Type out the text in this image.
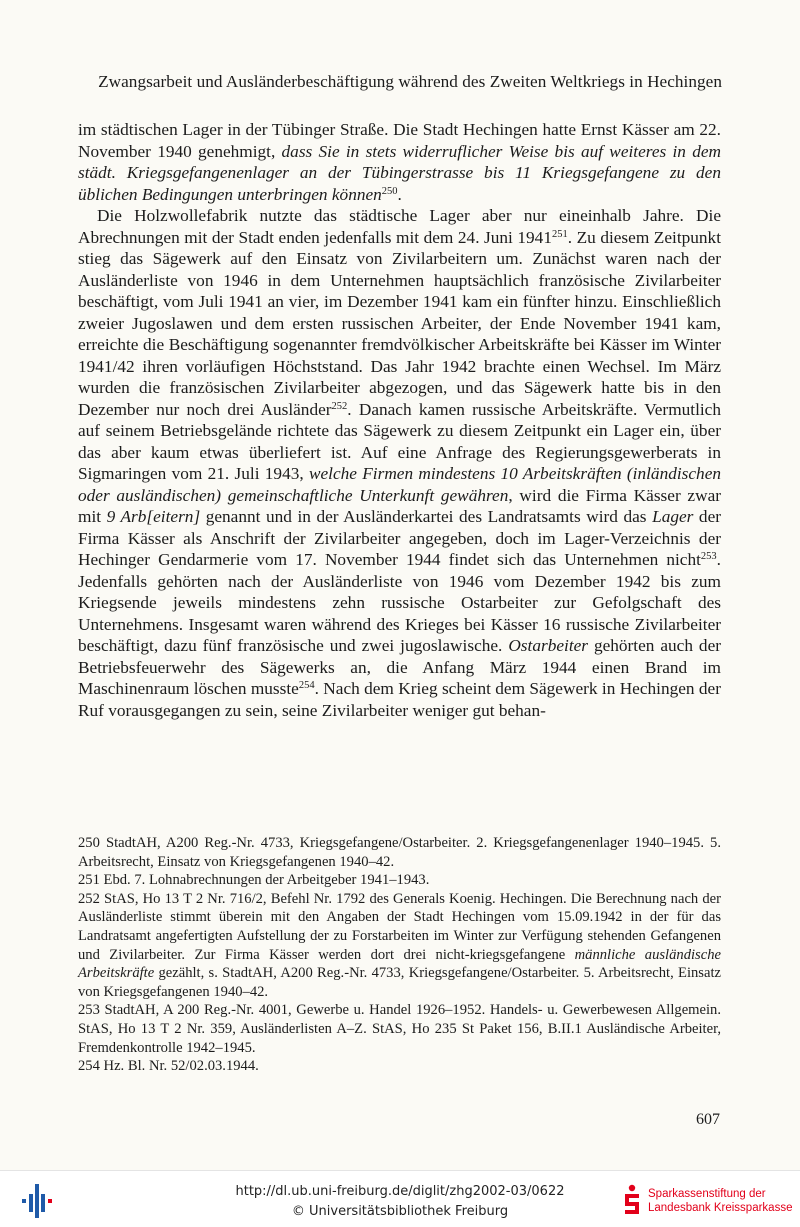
Zwangsarbeit und Ausländerbeschäftigung während des Zweiten Weltkriegs in Hechingen

im städtischen Lager in der Tübinger Straße. Die Stadt Hechingen hatte Ernst Kässer am 22. November 1940 genehmigt, dass Sie in stets widerruflicher Weise bis auf weiteres in dem städt. Kriegsgefangenenlager an der Tübingerstrasse bis 11 Kriegsgefangene zu den üblichen Bedingungen unterbringen können$^{250}$.

Die Holzwollefabrik nutzte das städtische Lager aber nur eineinhalb Jahre. Die Abrechnungen mit der Stadt enden jedenfalls mit dem 24. Juni 1941$^{251}$. Zu diesem Zeitpunkt stieg das Sägewerk auf den Einsatz von Zivilarbeitern um. Zunächst waren nach der Ausländerliste von 1946 in dem Unternehmen hauptsächlich französische Zivilarbeiter beschäftigt, vom Juli 1941 an vier, im Dezember 1941 kam ein fünfter hinzu. Einschließlich zweier Jugoslawen und dem ersten russischen Arbeiter, der Ende November 1941 kam, erreichte die Beschäftigung sogenannter fremdvölkischer Arbeitskräfte bei Kässer im Winter 1941/42 ihren vorläufigen Höchststand. Das Jahr 1942 brachte einen Wechsel. Im März wurden die französischen Zivilarbeiter abgezogen, und das Sägewerk hatte bis in den Dezember nur noch drei Ausländer$^{252}$. Danach kamen russische Arbeitskräfte. Vermutlich auf seinem Betriebsgelände richtete das Sägewerk zu diesem Zeitpunkt ein Lager ein, über das aber kaum etwas überliefert ist. Auf eine Anfrage des Regierungsgewerberats in Sigmaringen vom 21. Juli 1943, welche Firmen mindestens 10 Arbeitskräften (inländischen oder ausländischen) gemeinschaftliche Unterkunft gewähren, wird die Firma Kässer zwar mit 9 Arb[eitern] genannt und in der Ausländerkartei des Landratsamts wird das Lager der Firma Kässer als Anschrift der Zivilarbeiter angegeben, doch im Lager-Verzeichnis der Hechinger Gendarmerie vom 17. November 1944 findet sich das Unternehmen nicht$^{253}$. Jedenfalls gehörten nach der Ausländerliste von 1946 vom Dezember 1942 bis zum Kriegsende jeweils mindestens zehn russische Ostarbeiter zur Gefolgschaft des Unternehmens. Insgesamt waren während des Krieges bei Kässer 16 russische Zivilarbeiter beschäftigt, dazu fünf französische und zwei jugoslawische. Ostarbeiter gehörten auch der Betriebsfeuerwehr des Sägewerks an, die Anfang März 1944 einen Brand im Maschinenraum löschen musste$^{254}$. Nach dem Krieg scheint dem Sägewerk in Hechingen der Ruf vorausgegangen zu sein, seine Zivilarbeiter weniger gut behan-

250 StadtAH, A200 Reg.-Nr. 4733, Kriegsgefangene/Ostarbeiter. 2. Kriegsgefangenenlager 1940–1945. 5. Arbeitsrecht, Einsatz von Kriegsgefangenen 1940–42.

251 Ebd. 7. Lohnabrechnungen der Arbeitgeber 1941–1943.

252 StAS, Ho 13 T 2 Nr. 716/2, Befehl Nr. 1792 des Generals Koenig. Hechingen. Die Berechnung nach der Ausländerliste stimmt überein mit den Angaben der Stadt Hechingen vom 15.09.1942 in der für das Landratsamt angefertigten Aufstellung der zu Forstarbeiten im Winter zur Verfügung stehenden Gefangenen und Zivilarbeiter. Zur Firma Kässer werden dort drei nicht-kriegsgefangene männliche ausländische Arbeitskräfte gezählt, s. StadtAH, A200 Reg.-Nr. 4733, Kriegsgefangene/Ostarbeiter. 5. Arbeitsrecht, Einsatz von Kriegsgefangenen 1940–42.

253 StadtAH, A 200 Reg.-Nr. 4001, Gewerbe u. Handel 1926–1952. Handels- u. Gewerbewesen Allgemein. StAS, Ho 13 T 2 Nr. 359, Ausländerlisten A–Z. StAS, Ho 235 St Paket 156, B.II.1 Ausländische Arbeiter, Fremdenkontrolle 1942–1945.

254 Hz. Bl. Nr. 52/02.03.1944.

607
http://dl.ub.uni-freiburg.de/diglit/zhg2002-03/0622
© Universitätsbibliothek Freiburg
Sparkassenstiftung der
Landesbank Kreissparkasse
